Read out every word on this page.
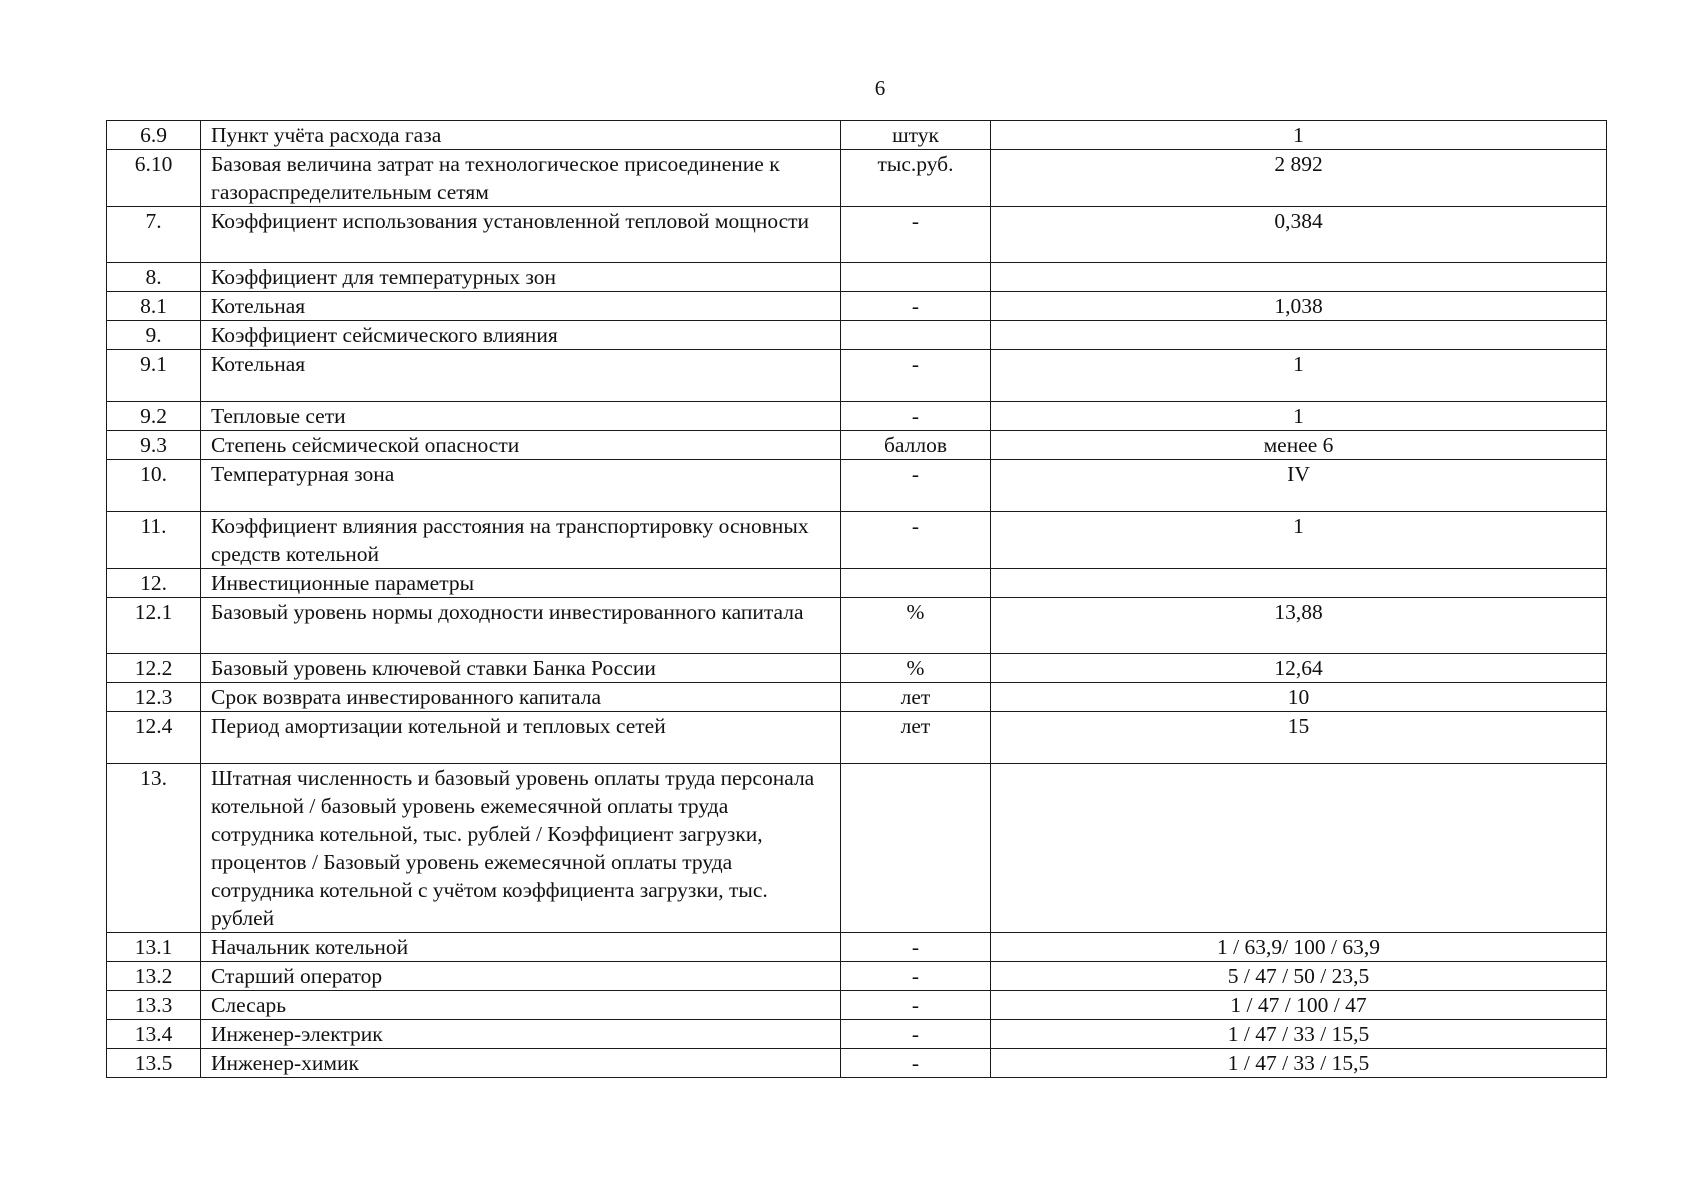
6
6.9	Пункт учёта расхода газа	штук	1
6.10	Базовая величина затрат на технологическое присоединение к газораспределительным сетям	тыс.руб.	2 892
7.	Коэффициент использования установленной тепловой мощности	-	0,384
8.	Коэффициент для температурных зон		
8.1	Котельная	-	1,038
9.	Коэффициент сейсмического влияния		
9.1	Котельная	-	1
9.2	Тепловые сети	-	1
9.3	Степень сейсмической опасности	баллов	менее 6
10.	Температурная зона	-	IV
11.	Коэффициент влияния расстояния на транспортировку основных средств котельной	-	1
12.	Инвестиционные параметры		
12.1	Базовый уровень нормы доходности инвестированного капитала	%	13,88
12.2	Базовый уровень ключевой ставки Банка России	%	12,64
12.3	Срок возврата инвестированного капитала	лет	10
12.4	Период амортизации котельной и тепловых сетей	лет	15
13.	Штатная численность и базовый уровень оплаты труда персонала котельной / базовый уровень ежемесячной оплаты труда сотрудника котельной, тыс. рублей / Коэффициент загрузки, процентов / Базовый уровень ежемесячной оплаты труда сотрудника котельной с учётом коэффициента загрузки, тыс. рублей		
13.1	Начальник котельной	-	1 / 63,9/ 100 / 63,9
13.2	Старший оператор	-	5 / 47 / 50 / 23,5
13.3	Слесарь	-	1 / 47 / 100 / 47
13.4	Инженер-электрик	-	1 / 47 / 33 / 15,5
13.5	Инженер-химик	-	1 / 47 / 33 / 15,5
